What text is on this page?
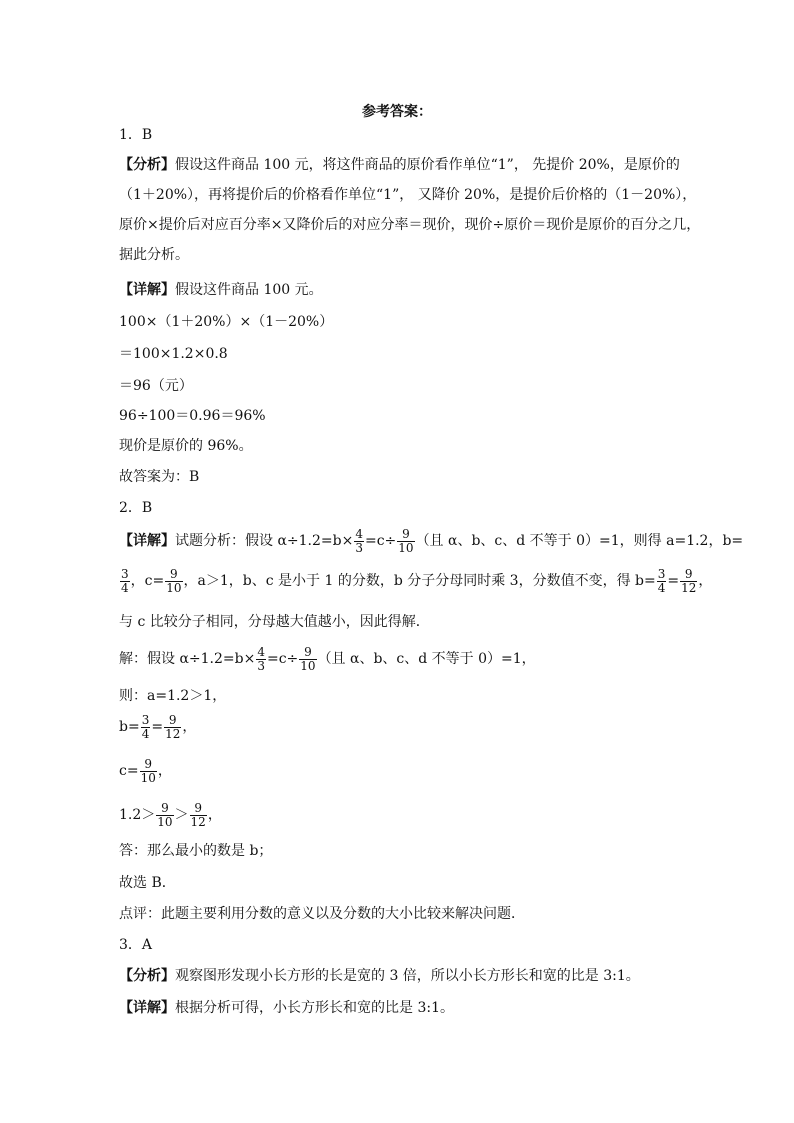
参考答案：
1．B
【分析】假设这件商品 100 元，将这件商品的原价看作单位“1”， 先提价 20%，是原价的
（1＋20%），再将提价后的价格看作单位“1”， 又降价 20%，是提价后价格的（1－20%），
原价×提价后对应百分率×又降价后的对应分率＝现价，现价÷原价＝现价是原价的百分之几，
据此分析。
【详解】假设这件商品 100 元。
100×（1＋20%）×（1－20%）
＝100×1.2×0.8
＝96（元）
96÷100＝0.96＝96%
现价是原价的 96%。
故答案为：B
2．B
【详解】试题分析：假设 $\alpha\div 1.2=b\times \frac{4}{3} =c\div \frac{9}{10}$ （且 α、b、c、d 不等于 0）=1，则得 a=1.2，b=
$\frac{3}{4}$ ，$c= \frac{9}{10}$ ，a＞1，b、c 是小于 1 的分数，b 分子分母同时乘 3，分数值不变，得 $b= \frac{3}{4} = \frac{9}{12}$ ，
与 c 比较分子相同，分母越大值越小，因此得解．
解：假设 $\alpha\div 1.2=b\times \frac{4}{3} =c\div \frac{9}{10}$ （且 α、b、c、d 不等于 0）=1，
则：a=1.2＞1，
$b= \frac{3}{4} = \frac{9}{12}$ ，
$c= \frac{9}{10}$ ，
$1.2> \frac{9}{10} > \frac{9}{12}$ ，
答：那么最小的数是 b；
故选 B．
点评：此题主要利用分数的意义以及分数的大小比较来解决问题．
3．A
【分析】观察图形发现小长方形的长是宽的 3 倍，所以小长方形长和宽的比是 3:1。
【详解】根据分析可得，小长方形长和宽的比是 3:1。
